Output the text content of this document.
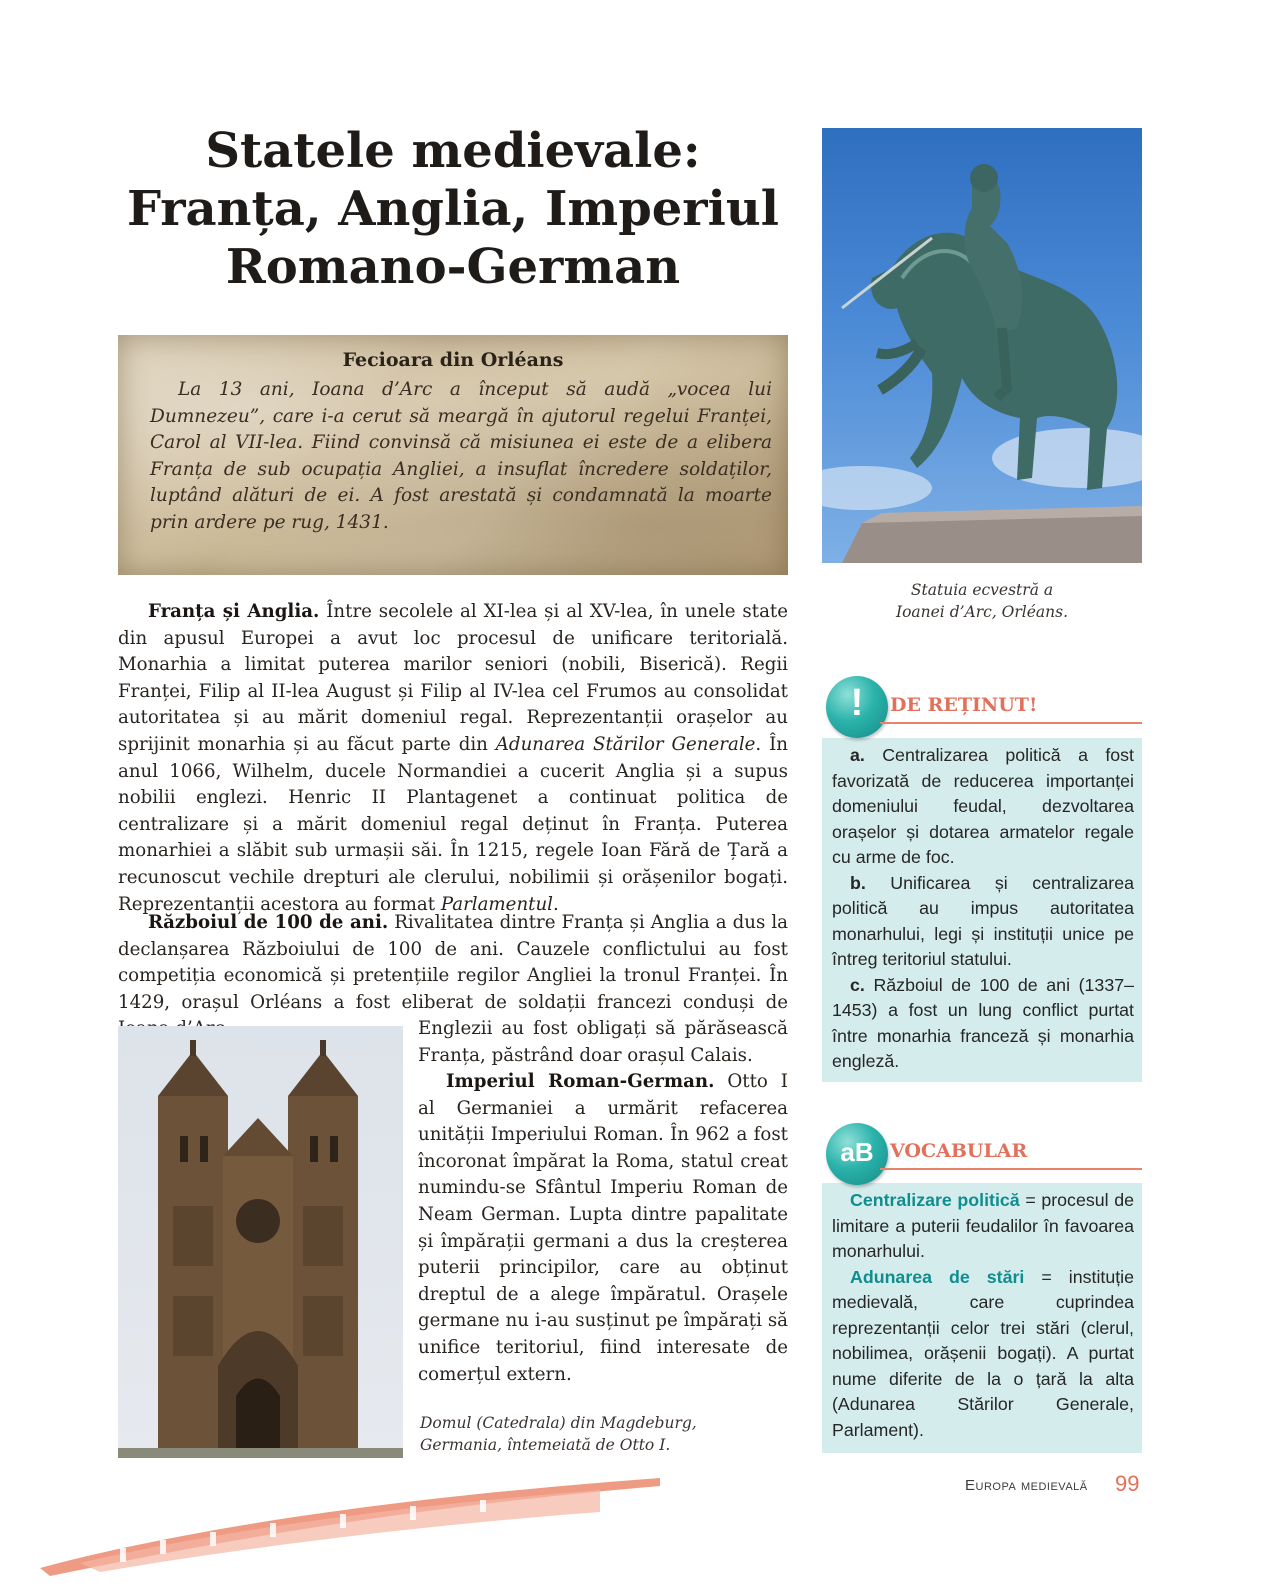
Statele medievale:
Franța, Anglia, Imperiul
Romano-German
Fecioara din Orléans

La 13 ani, Ioana d’Arc a început să audă „vocea lui Dumnezeu”, care i-a cerut să meargă în ajutorul regelui Franței, Carol al VII-lea. Fiind convinsă că misiunea ei este de a elibera Franța de sub ocupația Angliei, a insuflat încredere soldaților, luptând alături de ei. A fost arestată și condamnată la moarte prin ardere pe rug, 1431.

Statuia ecvestră a
Ioanei d’Arc, Orléans.

Franța și Anglia. Între secolele al XI-lea și al XV-lea, în unele state din apusul Europei a avut loc procesul de unificare teritorială. Monarhia a limitat puterea marilor seniori (nobili, Biserică). Regii Franței, Filip al II-lea August și Filip al IV-lea cel Frumos au consolidat autoritatea și au mărit domeniul regal. Reprezentanții orașelor au sprijinit monarhia și au făcut parte din Adunarea Stărilor Generale. În anul 1066, Wilhelm, ducele Normandiei a cucerit Anglia și a supus nobilii englezi. Henric II Plantagenet a continuat politica de centralizare și a mărit domeniul regal deținut în Franța. Puterea monarhiei a slăbit sub urmașii săi. În 1215, regele Ioan Fără de Țară a recunoscut vechile drepturi ale clerului, nobilimii și orășenilor bogați. Reprezentanții acestora au format Parlamentul.

Războiul de 100 de ani. Rivalitatea dintre Franța și Anglia a dus la declanșarea Războiului de 100 de ani. Cauzele conflictului au fost competiția economică și pretențiile regilor Angliei la tronul Franței. În 1429, orașul Orléans a fost eliberat de soldații francezi conduși de

Englezii au fost obligați să părăsească Franța, păstrând doar orașul Calais.

Imperiul Roman-German. Otto I al Germaniei a urmărit refacerea unității Imperiului Roman. În 962 a fost încoronat împărat la Roma, statul creat numindu-se Sfântul Imperiu Roman de Neam German. Lupta dintre papalitate și împărații germani a dus la creșterea puterii principilor, care au obținut dreptul de a alege împăratul. Orașele germane nu i-au susținut pe împărați să unifice teritoriul, fiind interesate de comerțul extern.

Domul (Catedrala) din Magdeburg,
Germania, întemeiată de Otto I.
!	DE REȚINUT!
a. Centralizarea politică a fost favorizată de reducerea importanței domeniului feudal, dezvoltarea orașelor și dotarea armatelor regale cu arme de foc.
b. Unificarea și centralizarea politică au impus autoritatea monarhului, legi și instituții unice pe întreg teritoriul statului.
c. Războiul de 100 de ani (1337–1453) a fost un lung conflict purtat între monarhia franceză și monarhia engleză.
aB VOCABULAR
Centralizare politică = procesul de limitare a puterii feudalilor în favoarea monarhului.
Adunarea de stări = instituție medievală, care cuprindea reprezentanții celor trei stări (clerul, nobilimea, orășenii bogați). A purtat nume diferite de la o țară la alta (Adunarea Stărilor Generale, Parlament).
Europa medievală 99
